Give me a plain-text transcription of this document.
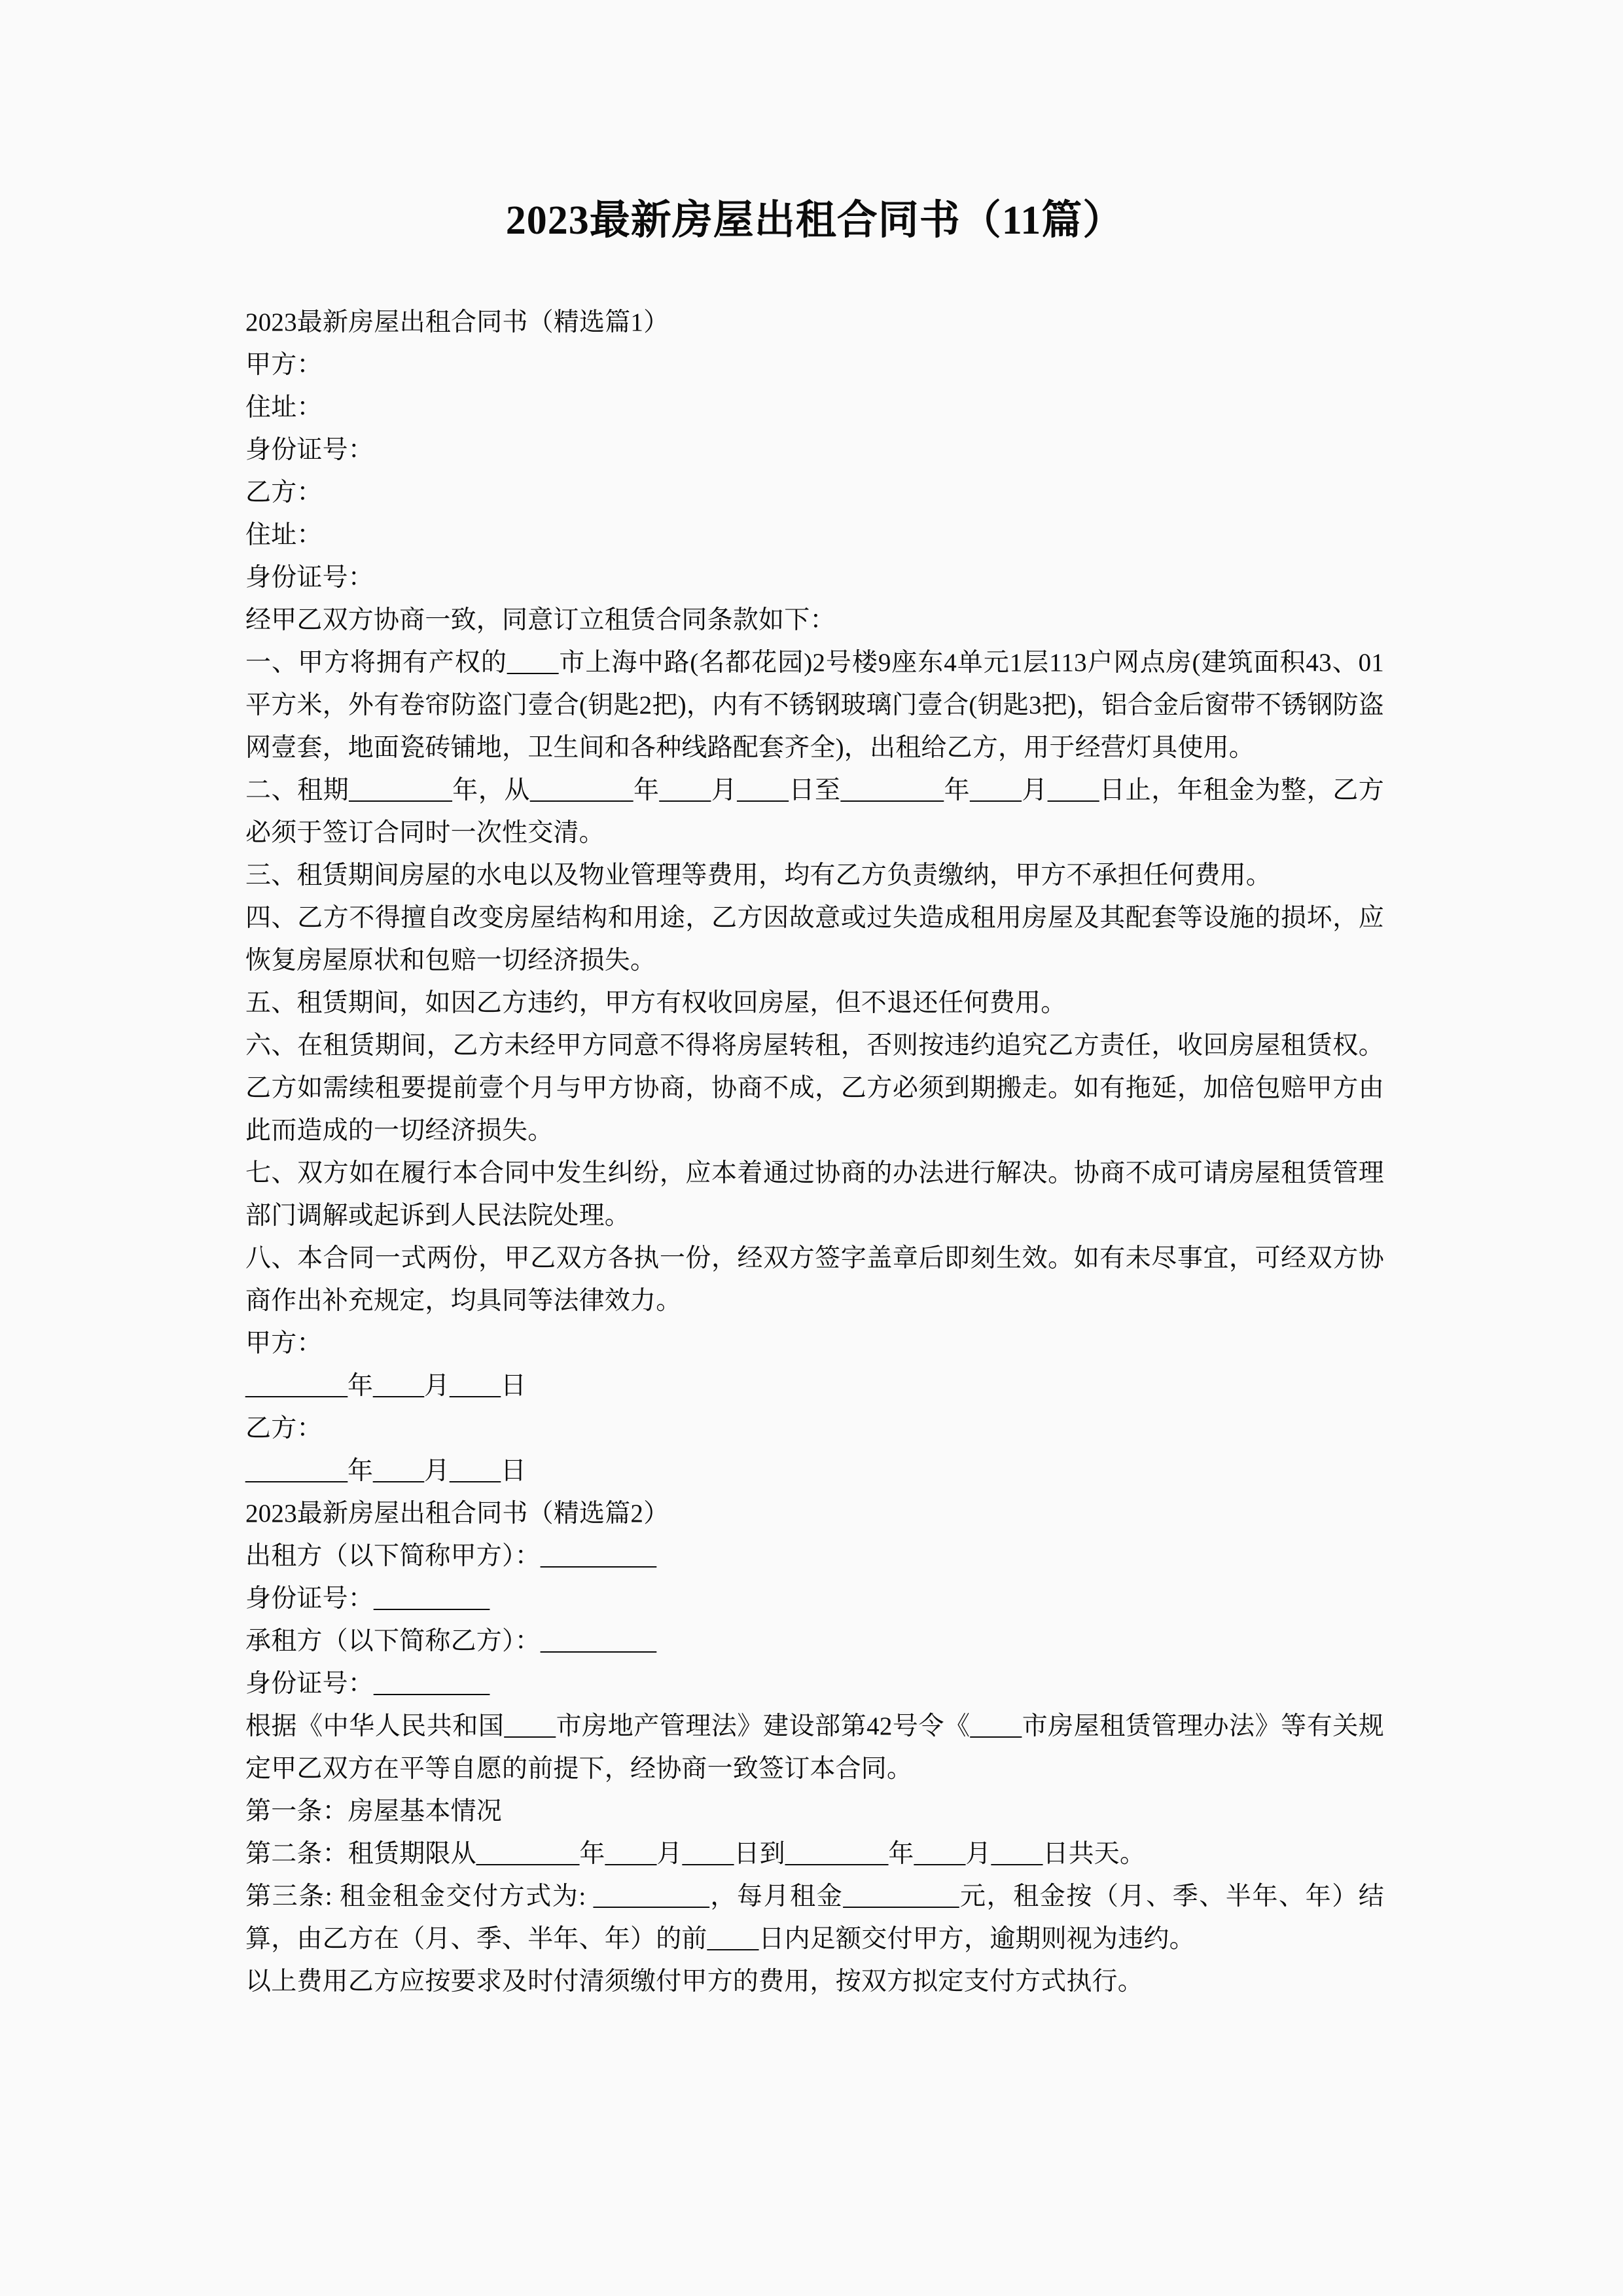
2023最新房屋出租合同书（11篇）

2023最新房屋出租合同书（精选篇1）

甲方：

住址：

身份证号：

乙方：

住址：

身份证号：

经甲乙双方协商一致，同意订立租赁合同条款如下：

一、甲方将拥有产权的____市上海中路(名都花园)2号楼9座东4单元1层113户网点房(建筑面积43、01平方米，外有卷帘防盗门壹合(钥匙2把)，内有不锈钢玻璃门壹合(钥匙3把)，铝合金后窗带不锈钢防盗网壹套，地面瓷砖铺地，卫生间和各种线路配套齐全)，出租给乙方，用于经营灯具使用。

二、租期________年，从________年____月____日至________年____月____日止，年租金为整，乙方必须于签订合同时一次性交清。

三、租赁期间房屋的水电以及物业管理等费用，均有乙方负责缴纳，甲方不承担任何费用。

四、乙方不得擅自改变房屋结构和用途，乙方因故意或过失造成租用房屋及其配套等设施的损坏，应恢复房屋原状和包赔一切经济损失。

五、租赁期间，如因乙方违约，甲方有权收回房屋，但不退还任何费用。

六、在租赁期间，乙方未经甲方同意不得将房屋转租，否则按违约追究乙方责任，收回房屋租赁权。乙方如需续租要提前壹个月与甲方协商，协商不成，乙方必须到期搬走。如有拖延，加倍包赔甲方由此而造成的一切经济损失。

七、双方如在履行本合同中发生纠纷，应本着通过协商的办法进行解决。协商不成可请房屋租赁管理部门调解或起诉到人民法院处理。

八、本合同一式两份，甲乙双方各执一份，经双方签字盖章后即刻生效。如有未尽事宜，可经双方协商作出补充规定，均具同等法律效力。

甲方：

________年____月____日

乙方：

________年____月____日

2023最新房屋出租合同书（精选篇2）

出租方（以下简称甲方）：_________

身份证号：_________

承租方（以下简称乙方）：_________

身份证号：_________

根据《中华人民共和国____市房地产管理法》建设部第42号令《____市房屋租赁管理办法》等有关规定甲乙双方在平等自愿的前提下，经协商一致签订本合同。

第一条：房屋基本情况

第二条：租赁期限从________年____月____日到________年____月____日共天。

第三条: 租金租金交付方式为: _________，每月租金_________元，租金按（月、季、半年、年）结算，由乙方在（月、季、半年、年）的前____日内足额交付甲方，逾期则视为违约。

以上费用乙方应按要求及时付清须缴付甲方的费用，按双方拟定支付方式执行。
